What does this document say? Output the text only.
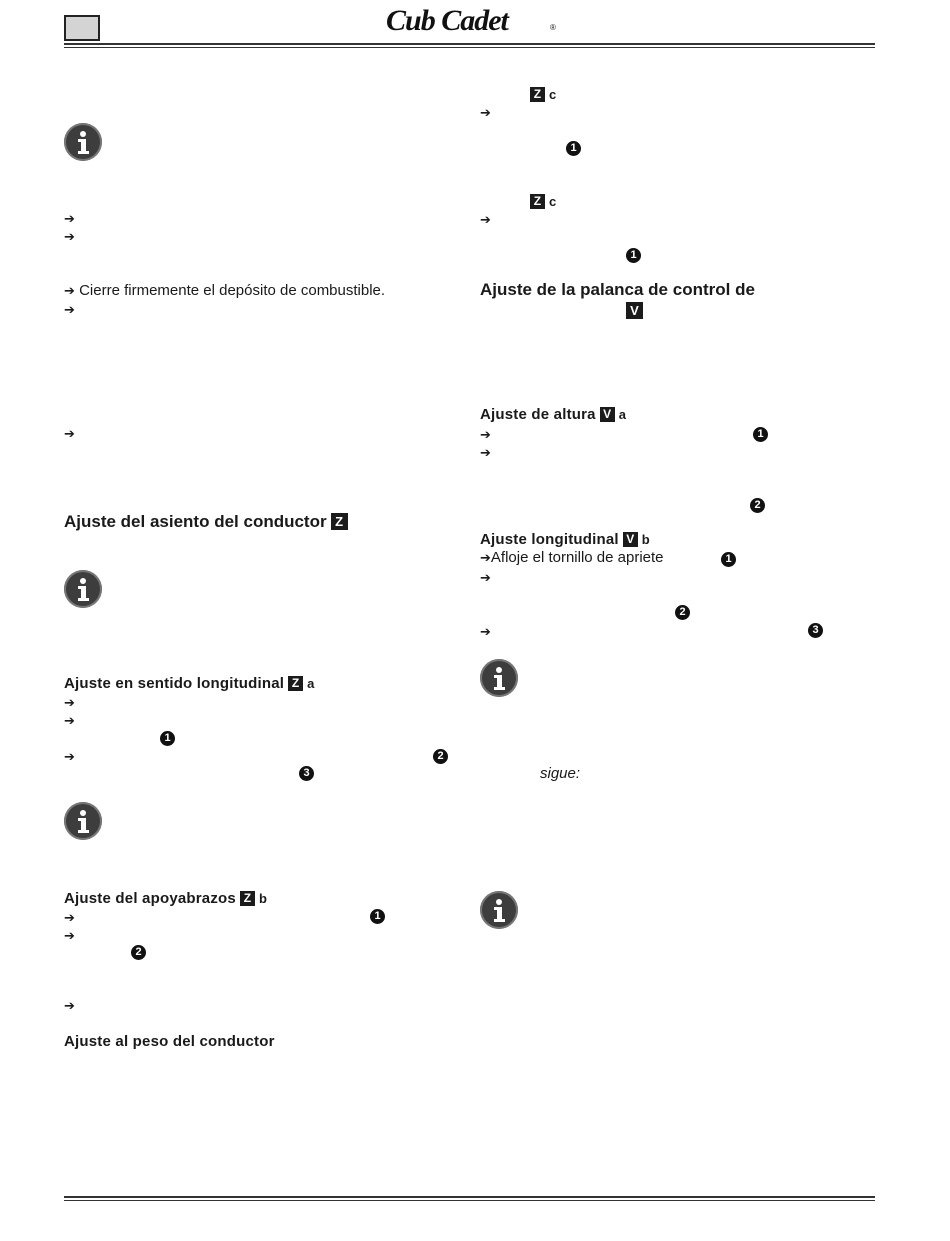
Cub Cadet	®
➔
➔
➔ Cierre firmemente el depósito de combustible.
➔
➔
Ajuste del asiento del conductor Z
Ajuste en sentido longitudinal Z a
➔
➔
1
➔	2
3
Ajuste del apoyabrazos Z b
➔	1
➔
2
➔
Ajuste al peso del conductor
Z c
➔
1
Z c
➔
1
Ajuste de la palanca de control de
V
Ajuste de altura V a
➔	1
➔
2
Ajuste longitudinal V b
➔Afloje el tornillo de apriete	1
➔
2
➔	3
sigue:
